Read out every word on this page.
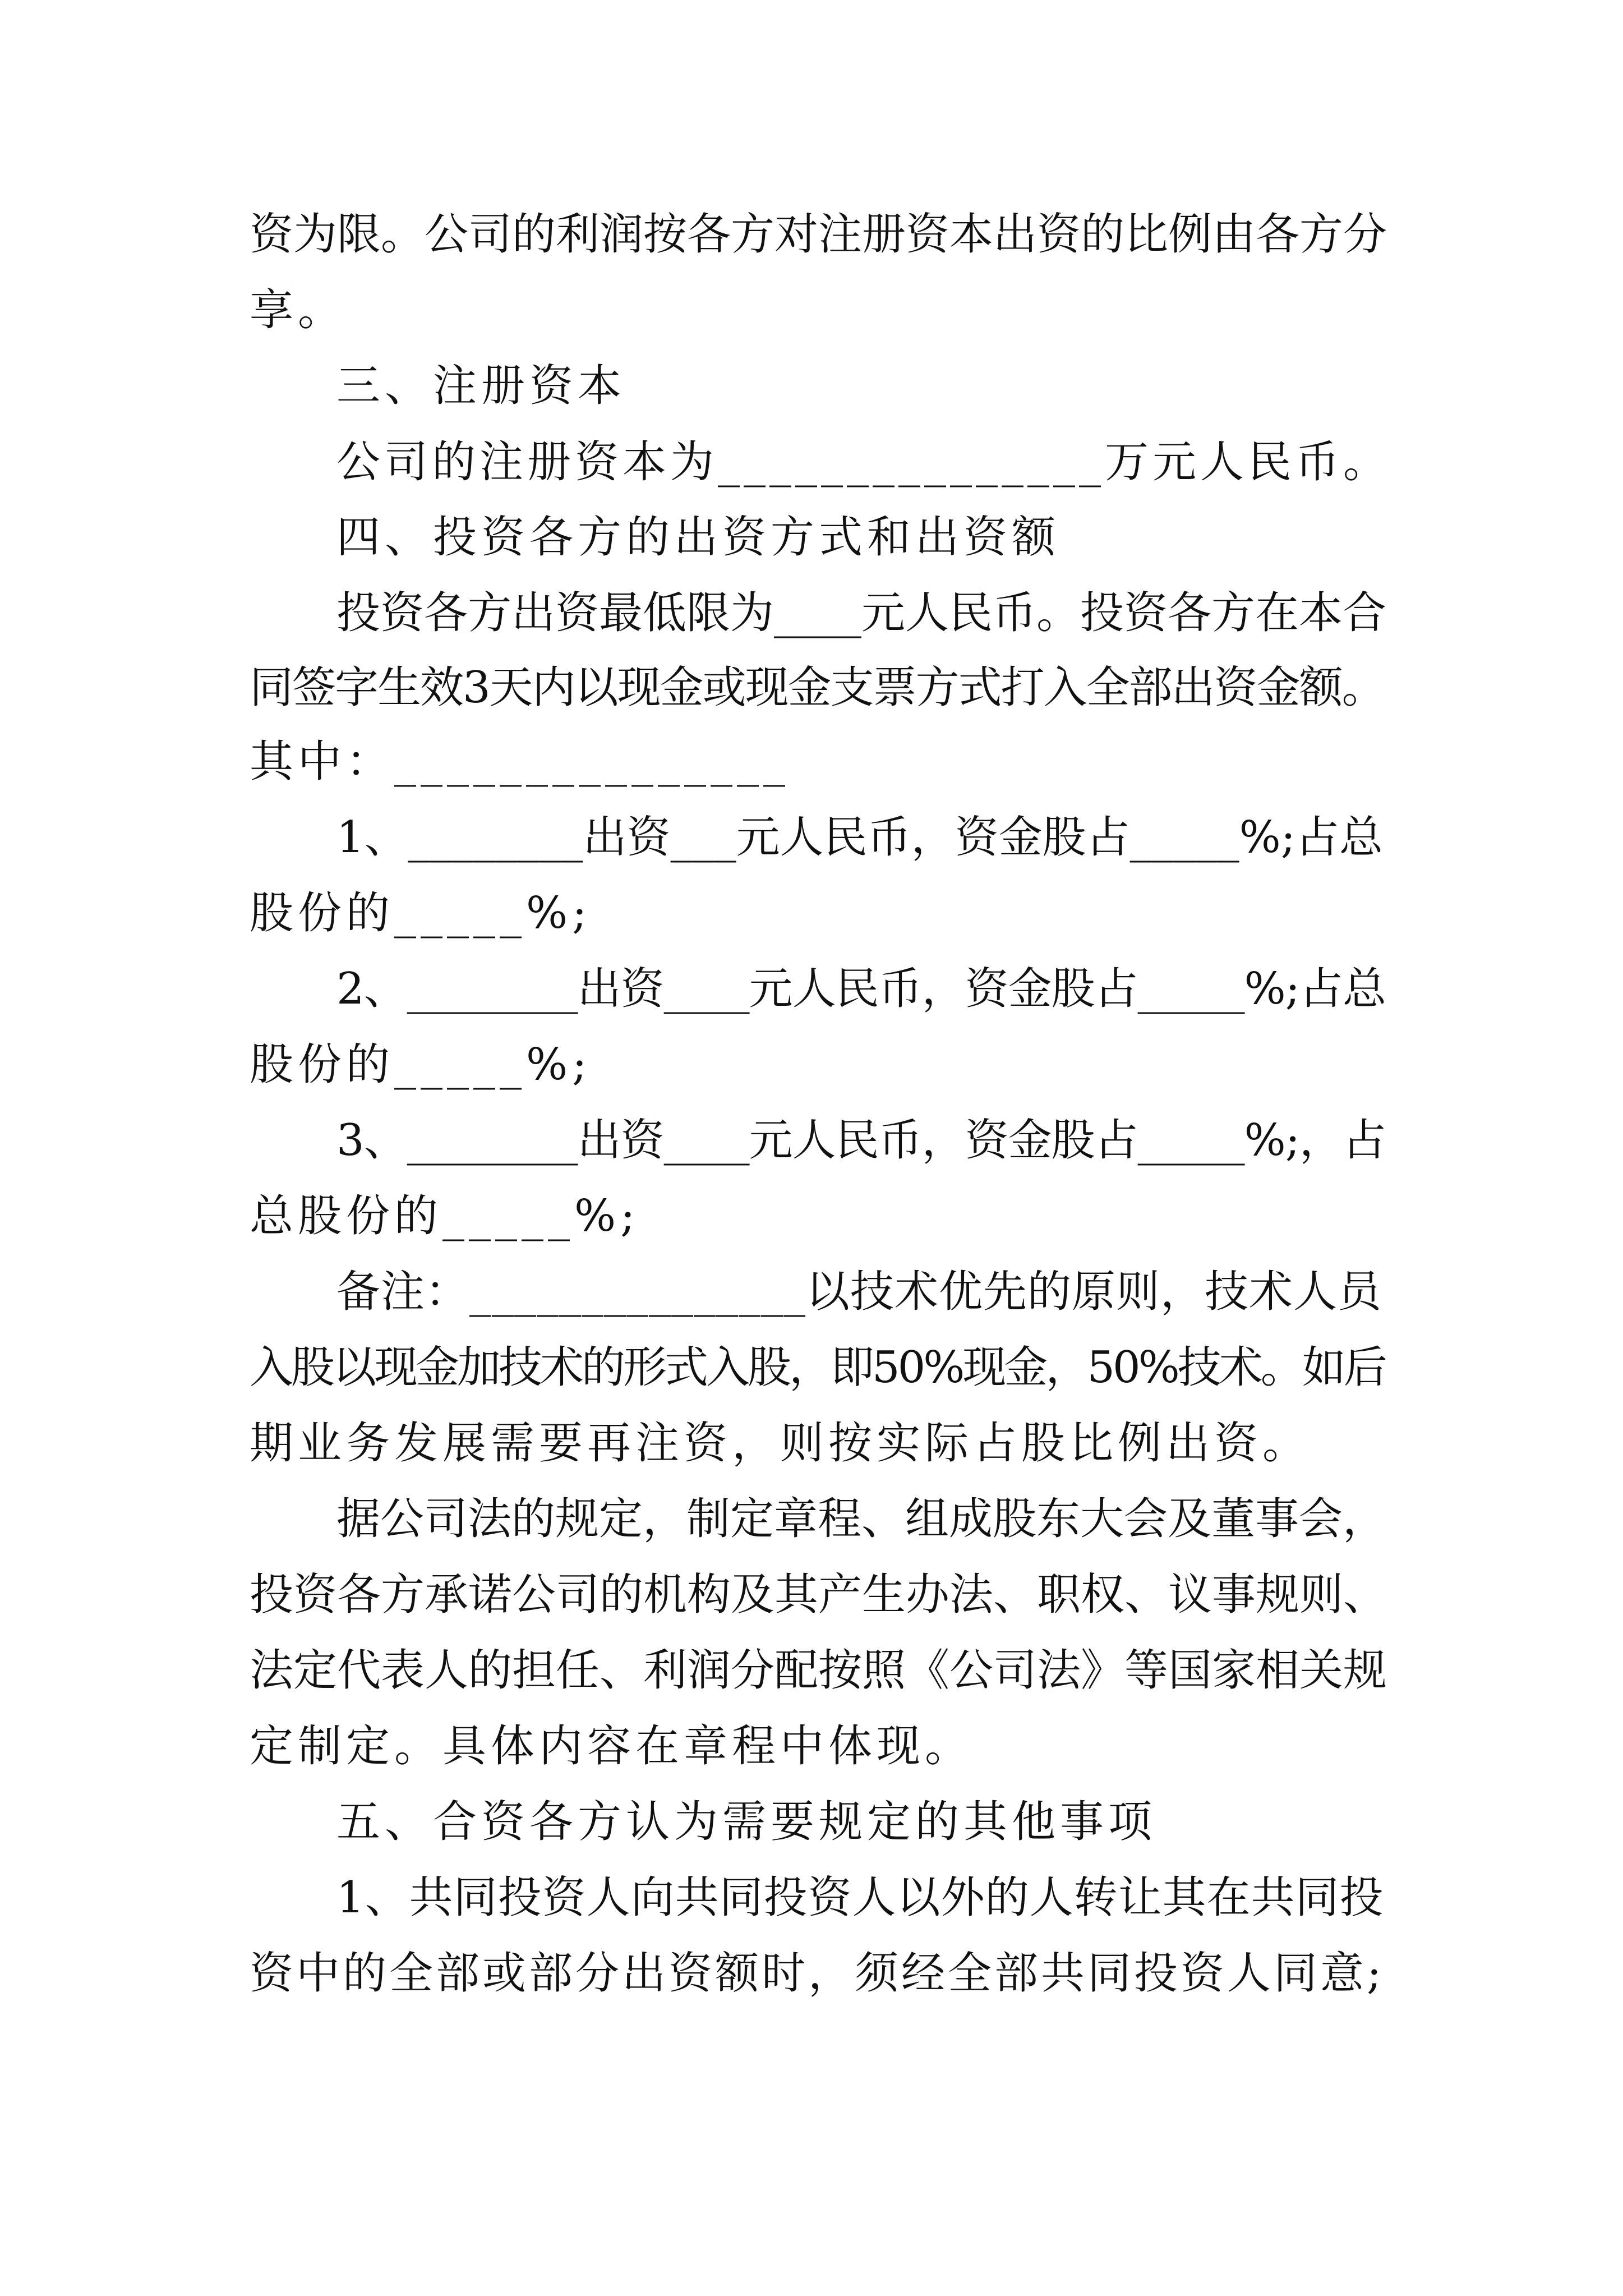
资为限。公司的利润按各方对注册资本出资的比例由各方分
享。
三、注册资本
公司的注册资本为_______________万元人民币。
四、投资各方的出资方式和出资额
投资各方出资最低限为____元人民币。投资各方在本合
同签字生效3天内以现金或现金支票方式打入全部出资金额。
其中：_______________
1、________出资___元人民币，资金股占_____%;占总
股份的_____%;
2、________出资____元人民币，资金股占_____%;占总
股份的_____%;
3、________出资____元人民币，资金股占_____%;，占
总股份的_____%;
备注：_______________以技术优先的原则，技术人员
入股以现金加技术的形式入股，即50%现金，50%技术。如后
期业务发展需要再注资，则按实际占股比例出资。
据公司法的规定，制定章程、组成股东大会及董事会，
投资各方承诺公司的机构及其产生办法、职权、议事规则、
法定代表人的担任、利润分配按照《公司法》等国家相关规
定制定。具体内容在章程中体现。
五、合资各方认为需要规定的其他事项
1、共同投资人向共同投资人以外的人转让其在共同投
资中的全部或部分出资额时，须经全部共同投资人同意;
